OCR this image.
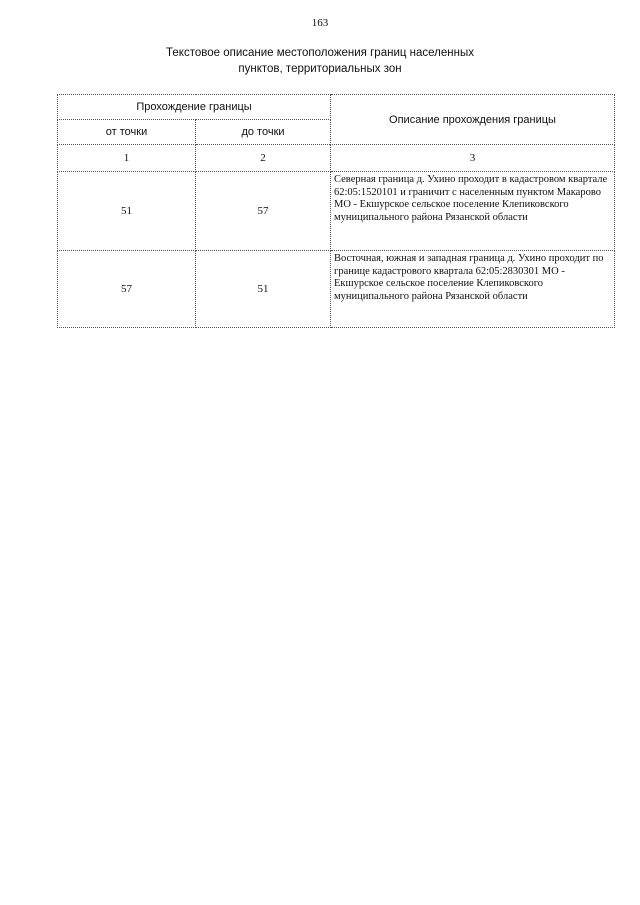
163
Текстовое описание местоположения границ населенных
пунктов, территориальных зон
Прохождение границы		Описание прохождения границы
от точки	до точки	
1	2	3
51	57	Северная граница д. Ухино проходит в кадастровом квартале 62:05:1520101 и граничит с населенным пунктом Макарово МО - Екшурское сельское поселение Клепиковского муниципального района Рязанской области
57	51	Восточная, южная и западная граница д. Ухино проходит по границе кадастрового квартала 62:05:2830301 МО - Екшурское сельское поселение Клепиковского муниципального района Рязанской области
